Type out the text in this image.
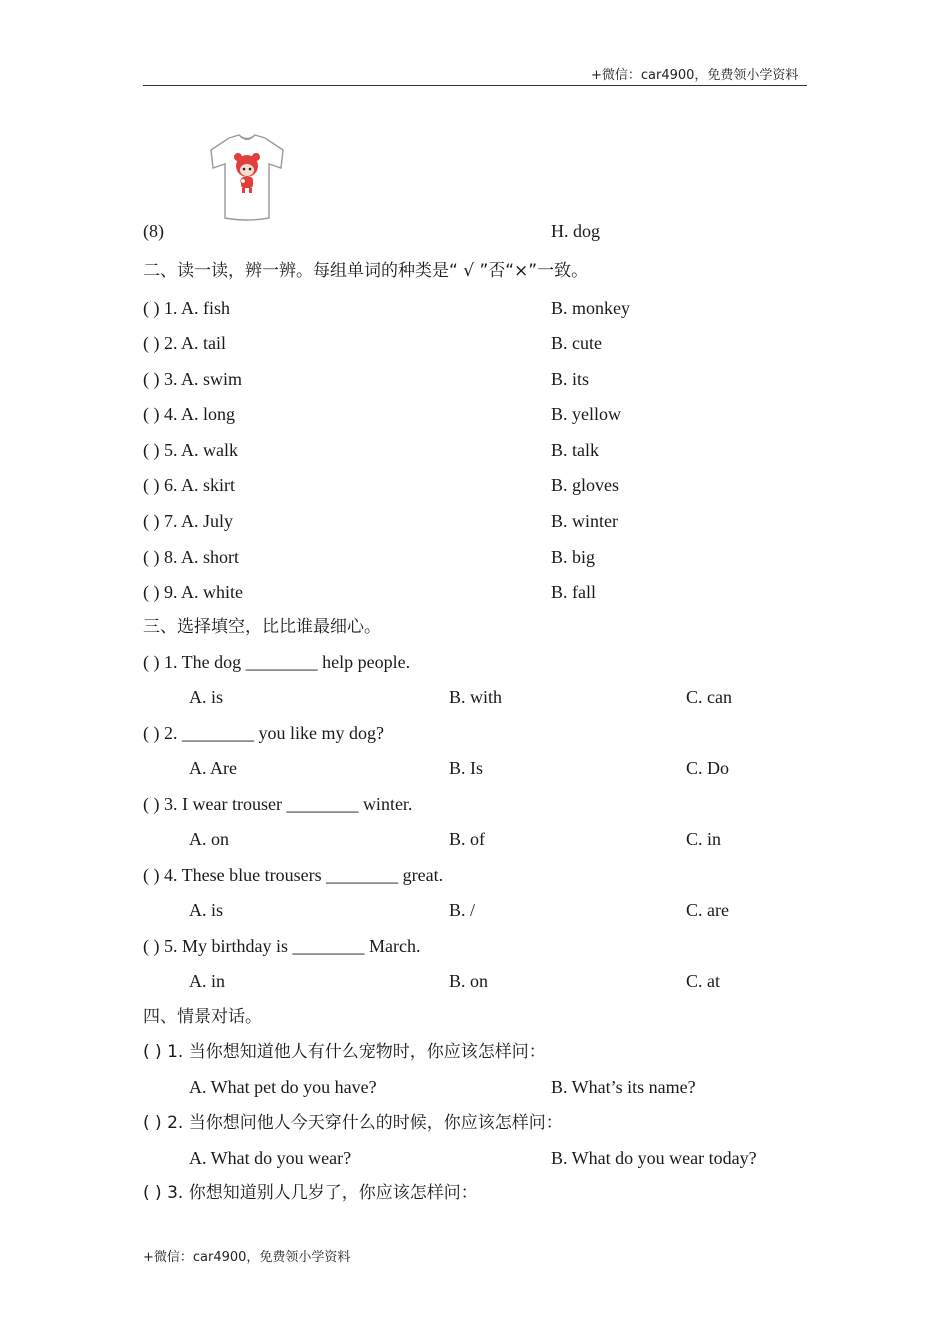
+微信：car4900，免费领小学资料
(8)	H. dog
二、读一读，辨一辨。每组单词的种类是“ √ ”否“×”一致。
( ) 1. A. fish	B. monkey
( ) 2. A. tail	B. cute
( ) 3. A. swim	B. its
( ) 4. A. long	B. yellow
( ) 5. A. walk	B. talk
( ) 6. A. skirt	B. gloves
( ) 7. A. July	B. winter
( ) 8. A. short	B. big
( ) 9. A. white	B. fall
三、选择填空，比比谁最细心。
( ) 1. The dog ________ help people.
A. is	B. with	C. can
( ) 2. ________ you like my dog?
A. Are	B. Is	C. Do
( ) 3. I wear trouser ________ winter.
A. on	B. of	C. in
( ) 4. These blue trousers ________ great.
A. is	B. /	C. are
( ) 5. My birthday is ________ March.
A. in	B. on	C. at
四、情景对话。
( ) 1. 当你想知道他人有什么宠物时，你应该怎样问：
A. What pet do you have?	B. What’s its name?
( ) 2. 当你想问他人今天穿什么的时候，你应该怎样问：
A. What do you wear?	B. What do you wear today?
( ) 3. 你想知道别人几岁了，你应该怎样问：
+微信：car4900，免费领小学资料
